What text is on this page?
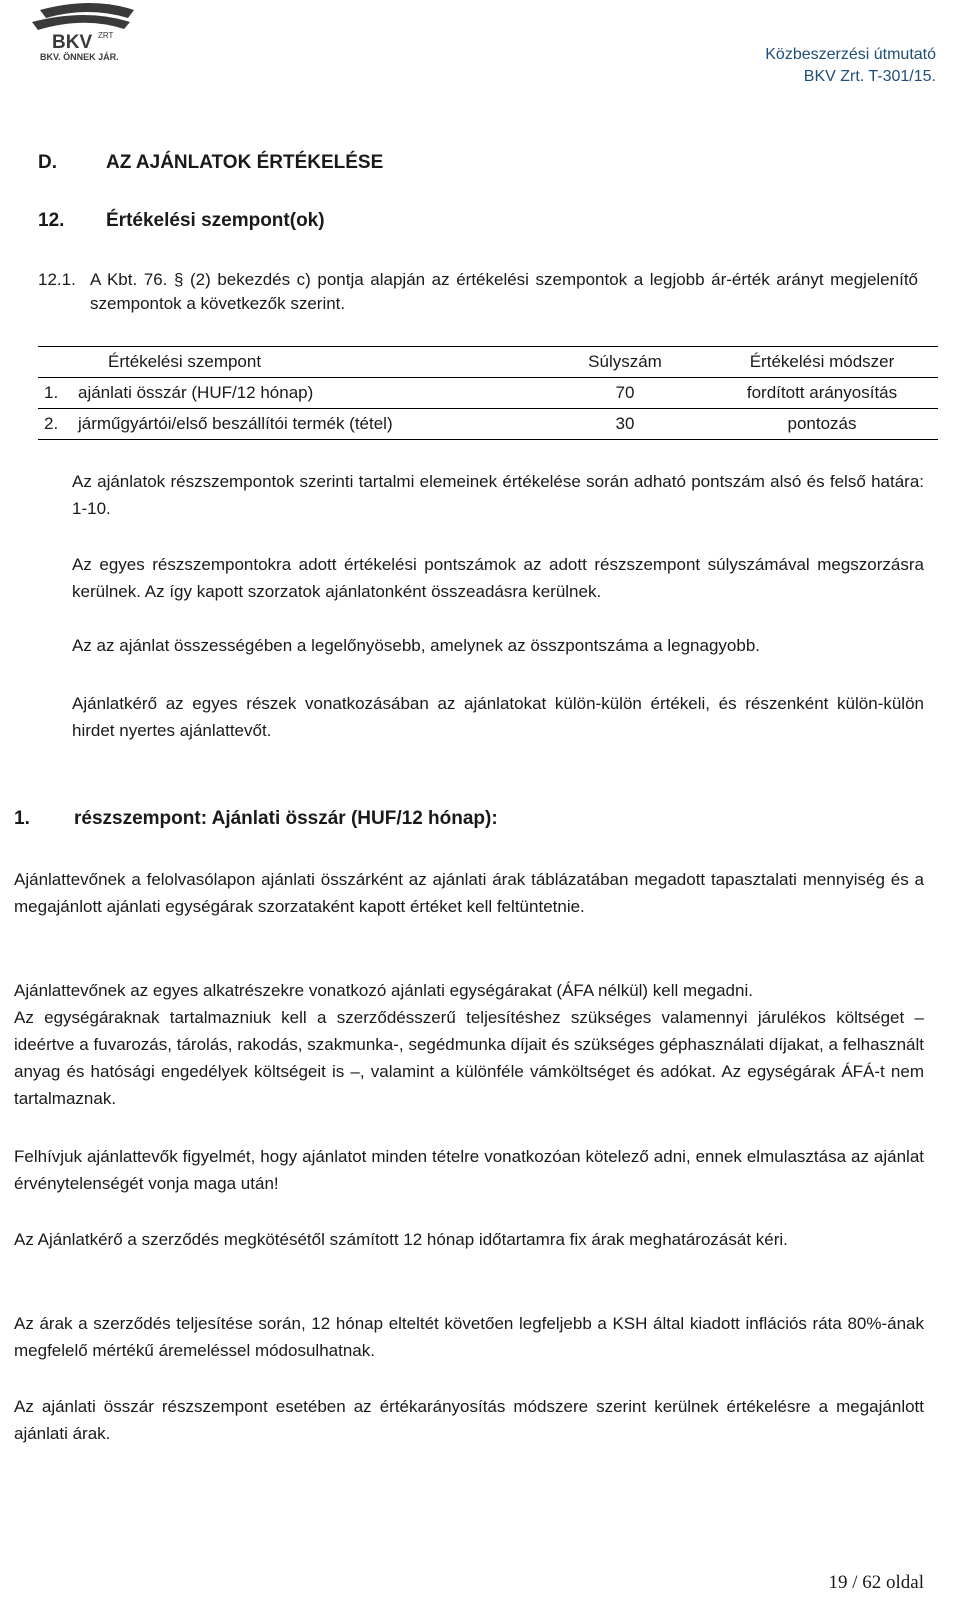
BKV ZRT
BKV. ÖNNEK JÁR.	Közbeszerzési útmutató
BKV Zrt. T-301/15.
D.	AZ AJÁNLATOK ÉRTÉKELÉSE
12. Értékelési szempont(ok)
12.1. A Kbt. 76. § (2) bekezdés c) pontja alapján az értékelési szempontok a legjobb ár-érték arányt megjelenítő szempontok a következők szerint.
	Értékelési szempont	Súlyszám	Értékelési módszer
1.	ajánlati összár (HUF/12 hónap)	70	fordított arányosítás
2.	járműgyártói/első beszállítói termék (tétel)	30	pontozás
Az ajánlatok részszempontok szerinti tartalmi elemeinek értékelése során adható pontszám alsó és felső határa: 1-10.
Az egyes részszempontokra adott értékelési pontszámok az adott részszempont súlyszámával megszorzásra kerülnek. Az így kapott szorzatok ajánlatonként összeadásra kerülnek.
Az az ajánlat összességében a legelőnyösebb, amelynek az összpontszáma a legnagyobb.
Ajánlatkérő az egyes részek vonatkozásában az ajánlatokat külön-külön értékeli, és részenként külön-külön hirdet nyertes ajánlattevőt.
1. részszempont: Ajánlati összár (HUF/12 hónap):
Ajánlattevőnek a felolvasólapon ajánlati összárként az ajánlati árak táblázatában megadott tapasztalati mennyiség és a megajánlott ajánlati egységárak szorzataként kapott értéket kell feltüntetnie.
Ajánlattevőnek az egyes alkatrészekre vonatkozó ajánlati egységárakat (ÁFA nélkül) kell megadni.
Az egységáraknak tartalmazniuk kell a szerződésszerű teljesítéshez szükséges valamennyi járulékos költséget – ideértve a fuvarozás, tárolás, rakodás, szakmunka-, segédmunka díjait és szükséges géphasználati díjakat, a felhasznált anyag és hatósági engedélyek költségeit is –, valamint a különféle vámköltséget és adókat. Az egységárak ÁFÁ-t nem tartalmaznak.
Felhívjuk ajánlattevők figyelmét, hogy ajánlatot minden tételre vonatkozóan kötelező adni, ennek elmulasztása az ajánlat érvénytelenségét vonja maga után!
Az Ajánlatkérő a szerződés megkötésétől számított 12 hónap időtartamra fix árak meghatározását kéri.
Az árak a szerződés teljesítése során, 12 hónap elteltét követően legfeljebb a KSH által kiadott inflációs ráta 80%-ának megfelelő mértékű áremeléssel módosulhatnak.
Az ajánlati összár részszempont esetében az értékarányosítás módszere szerint kerülnek értékelésre a megajánlott ajánlati árak.
19 / 62 oldal
